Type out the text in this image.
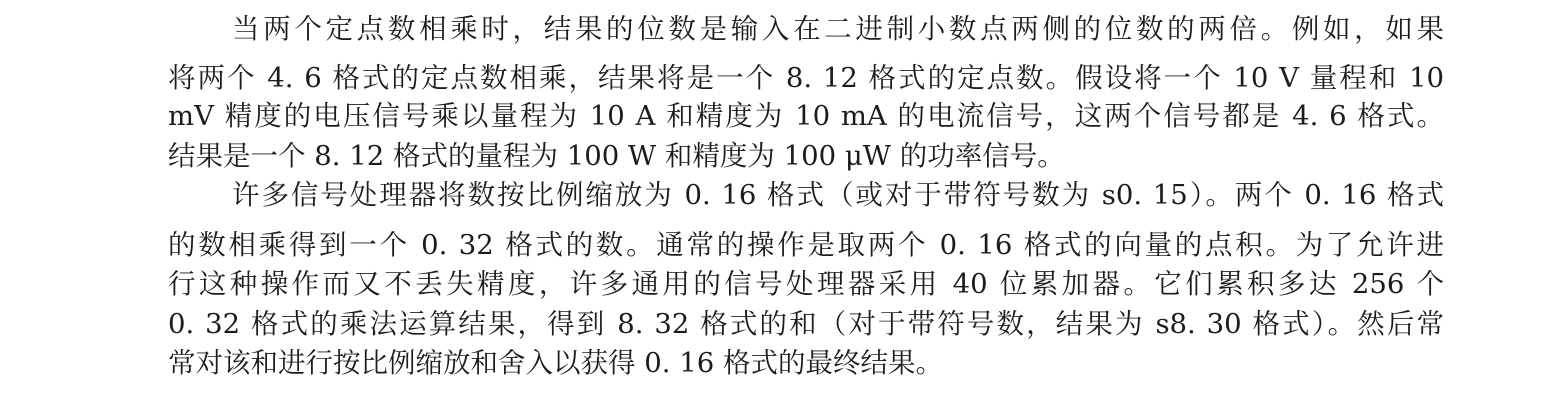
当两个定点数相乘时，结果的位数是输入在二进制小数点两侧的位数的两倍。例如，如果
将两个 4. 6 格式的定点数相乘，结果将是一个 8. 12 格式的定点数。假设将一个 10 V 量程和 10
mV 精度的电压信号乘以量程为 10 A 和精度为 10 mA 的电流信号，这两个信号都是 4. 6 格式。
结果是一个 8. 12 格式的量程为 100 W 和精度为 100 μW 的功率信号。
许多信号处理器将数按比例缩放为 0. 16 格式（或对于带符号数为 s0. 15）。两个 0. 16 格式
的数相乘得到一个 0. 32 格式的数。通常的操作是取两个 0. 16 格式的向量的点积。为了允许进
行这种操作而又不丢失精度，许多通用的信号处理器采用 40 位累加器。它们累积多达 256 个
0. 32 格式的乘法运算结果，得到 8. 32 格式的和（对于带符号数，结果为 s8. 30 格式）。然后常
常对该和进行按比例缩放和舍入以获得 0. 16 格式的最终结果。
